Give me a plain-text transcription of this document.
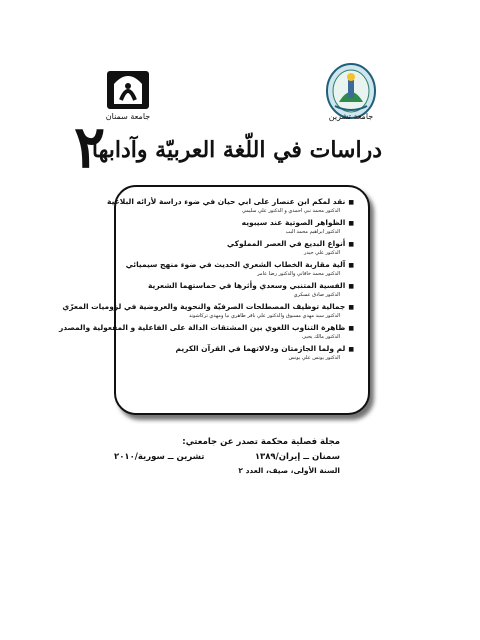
جامعة تشرين
جامعة سمنان
٢
دراسات في اللّغة العربيّة وآدابها
■ نقد لمكم ابن عنصار على ابي حيان في ضوء دراسة لأرائه البلاغية
الدكتور محمد نبي احمدي و الدكتور علي سليمي
■ الظواهر الصوتية عند سيبويه
الدكتور ابراهيم محمد البب
■ أنواع البديع في العصر المملوكي
الدكتور علي حيدر
■ آلية مقاربة الخطاب الشعري الحديث في ضوء منهج سيميائي
الدكتور محمد خاقاني والدكتور رضا عامر
■ الفسية المتنبي وسعدي وأثرها في حماستهما الشعرية
الدكتور صادق عسكري
■ جمالية توظيف المصطلحات الصرفيّة والنحوية والعروضية في لزوميات المعرّي
الدكتور سيد مهدي مسبوق والدكتور علي باقر طاهري نيا ومهدي ترکاشوند
■ ظاهرة التناوب اللغوي بين المشتقات الدالة على الفاعلية و المفعولية والمصدر
الدكتور مالك يحيى
■ لم ولما الجازمتان ودلالاتهما في القرآن الكريم
الدكتور يونس علي يونس
مجلة فصلية محكمة تصدر عن جامعتي:
سمنان ــ إيران/١٣٨٩
تشرين ــ سورية/٢٠١٠
السنة الأولى، صيف، العدد ٢
